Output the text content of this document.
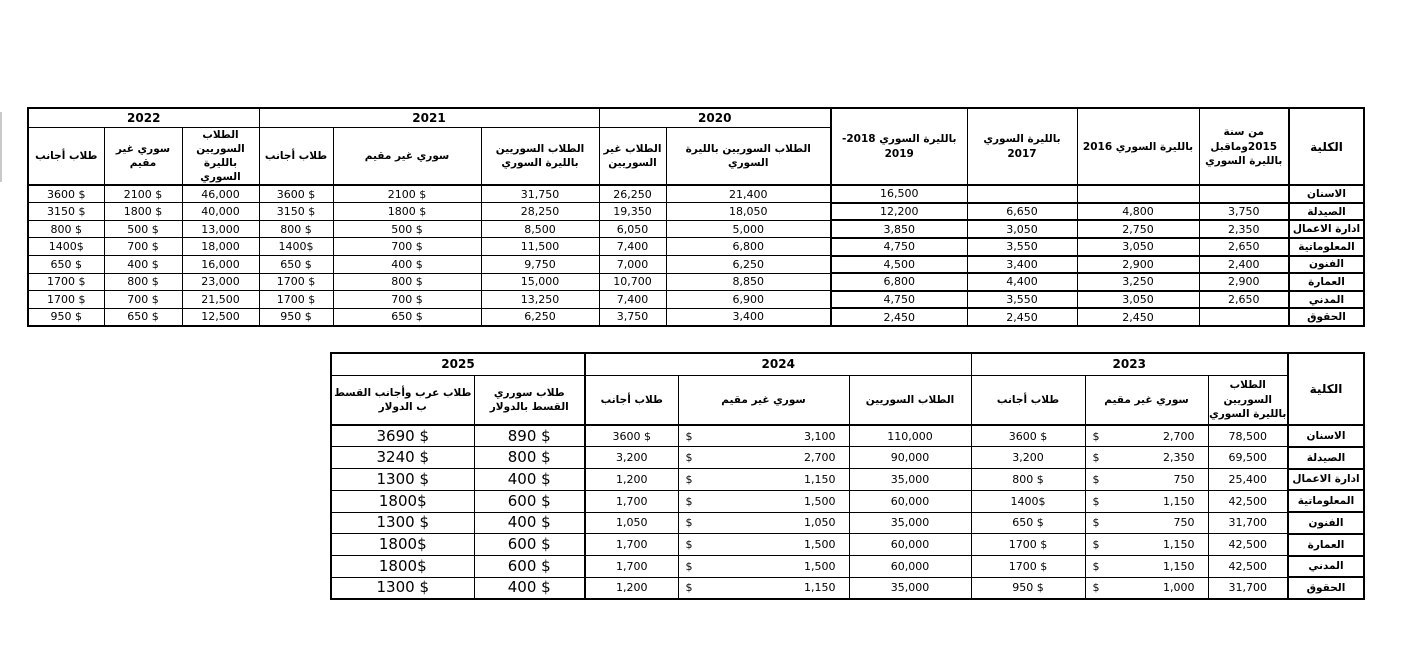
2022			2021			2020		بالليرة السوري 2018-2019	بالليرة السوري 2017	بالليرة السوري 2016	من سنة 2015وماقبل بالليرة السوري	الكلية
طلاب أجانب	سوري غير مقيم	الطلاب السوريين بالليرة السوري	طلاب أجانب	سوري غير مقيم	الطلاب السوريين بالليرة السوري	الطلاب غير السوريين	الطلاب السوريين بالليرة السوري					
3600 $	2100 $	46,000	3600 $	2100 $	31,750	26,250	21,400	16,500				الاسنان
3150 $	1800 $	40,000	3150 $	1800 $	28,250	19,350	18,050	12,200	6,650	4,800	3,750	الصيدلة
800 $	500 $	13,000	800 $	500 $	8,500	6,050	5,000	3,850	3,050	2,750	2,350	ادارة الاعمال
1400$	700 $	18,000	1400$	700 $	11,500	7,400	6,800	4,750	3,550	3,050	2,650	المعلوماتية
650 $	400 $	16,000	650 $	400 $	9,750	7,000	6,250	4,500	3,400	2,900	2,400	الفنون
1700 $	800 $	23,000	1700 $	800 $	15,000	10,700	8,850	6,800	4,400	3,250	2,900	العمارة
1700 $	700 $	21,500	1700 $	700 $	13,250	7,400	6,900	4,750	3,550	3,050	2,650	المدني
950 $	650 $	12,500	950 $	650 $	6,250	3,750	3,400	2,450	2,450	2,450		الحقوق
2025		2024			2023			الكلية
طلاب عرب وأجانب القسط ب الدولار	طلاب سورري القسط بالدولار	طلاب أجانب	سوري غير مقيم	الطلاب السوريين	طلاب أجانب	سوري غير مقيم	الطلاب السوريين بالليرة السوري	
3690 $	890 $	3600 $	$ 3,100	110,000	3600 $	$ 2,700	78,500	الاسنان
3240 $	800 $	3,200	$ 2,700	90,000	3,200	$ 2,350	69,500	الصيدلة
1300 $	400 $	1,200	$ 1,150	35,000	800 $	$ 750	25,400	ادارة الاعمال
1800$	600 $	1,700	$ 1,500	60,000	1400$	$ 1,150	42,500	المعلوماتية
1300 $	400 $	1,050	$ 1,050	35,000	650 $	$ 750	31,700	الفنون
1800$	600 $	1,700	$ 1,500	60,000	1700 $	$ 1,150	42,500	العمارة
1800$	600 $	1,700	$ 1,500	60,000	1700 $	$ 1,150	42,500	المدني
1300 $	400 $	1,200	$ 1,150	35,000	950 $	$ 1,000	31,700	الحقوق
